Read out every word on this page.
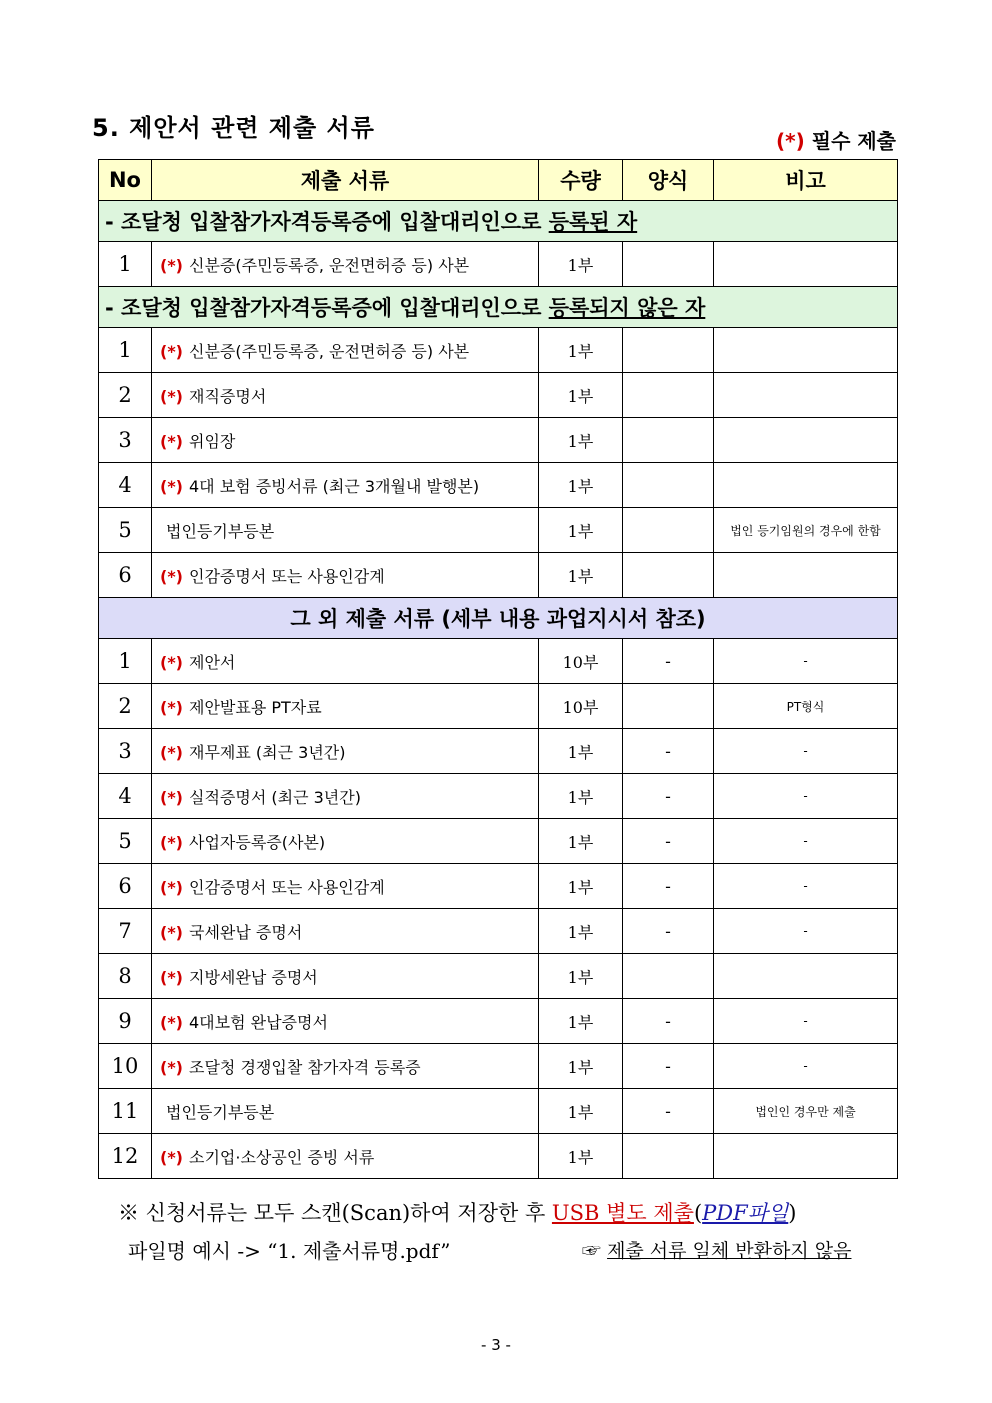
5. 제안서 관련 제출 서류	(*) 필수 제출
No	제출 서류	수량	양식	비고
- 조달청 입찰참가자격등록증에 입찰대리인으로 등록된 자				
1	(*) 신분증(주민등록증, 운전면허증 등) 사본	1부		
- 조달청 입찰참가자격등록증에 입찰대리인으로 등록되지 않은 자				
1	(*) 신분증(주민등록증, 운전면허증 등) 사본	1부		
2	(*) 재직증명서	1부		
3	(*) 위임장	1부		
4	(*) 4대 보험 증빙서류 (최근 3개월내 발행본)	1부		
5	법인등기부등본	1부		법인 등기임원의 경우에 한함
6	(*) 인감증명서 또는 사용인감계	1부		
그 외 제출 서류 (세부 내용 과업지시서 참조)				
1	(*) 제안서	10부	-	-
2	(*) 제안발표용 PT자료	10부		PT형식
3	(*) 재무제표 (최근 3년간)	1부	-	-
4	(*) 실적증명서 (최근 3년간)	1부	-	-
5	(*) 사업자등록증(사본)	1부	-	-
6	(*) 인감증명서 또는 사용인감계	1부	-	-
7	(*) 국세완납 증명서	1부	-	-
8	(*) 지방세완납 증명서	1부		
9	(*) 4대보험 완납증명서	1부	-	-
10	(*) 조달청 경쟁입찰 참가자격 등록증	1부	-	-
11	법인등기부등본	1부	-	법인인 경우만 제출
12	(*) 소기업·소상공인 증빙 서류	1부		
※ 신청서류는 모두 스캔(Scan)하여 저장한 후 USB 별도 제출(PDF파일)
파일명 예시 -> “1. 제출서류명.pdf”	☞ 제출 서류 일체 반환하지 않음
- 3 -
